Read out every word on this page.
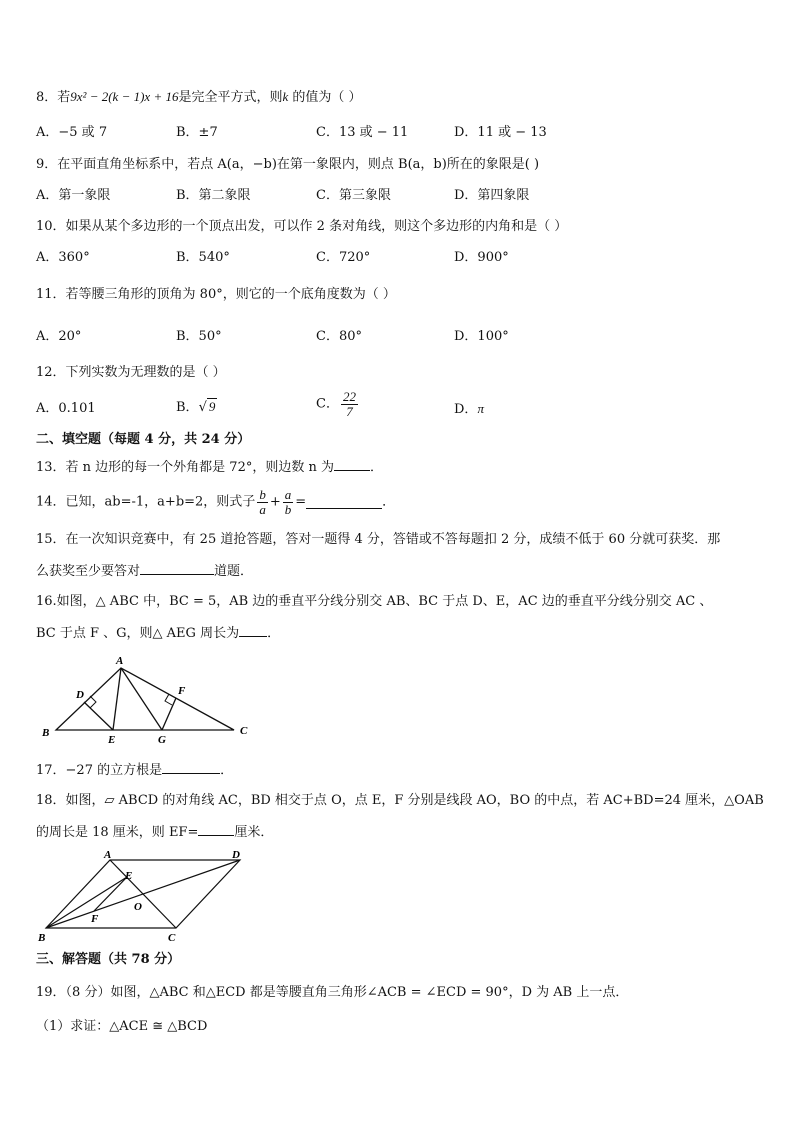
8．若9x² − 2(k − 1)x + 16是完全平方式，则k 的值为（ ）
A．−5 或 7	B．±7	C．13 或 − 11	D．11 或 − 13
9．在平面直角坐标系中，若点 A(a，−b)在第一象限内，则点 B(a，b)所在的象限是( )
A．第一象限	B．第二象限	C．第三象限	D．第四象限
10．如果从某个多边形的一个顶点出发，可以作 2 条对角线，则这个多边形的内角和是（ ）
A．360°	B．540°	C．720°	D．900°
11．若等腰三角形的顶角为 80°，则它的一个底角度数为（ ）
A．20°	B．50°	C．80°	D．100°
12．下列实数为无理数的是（ ）
A．0.101	B．√ 9	C． $\frac{22}{7}$	D．π
二、填空题（每题 4 分，共 24 分）
13．若 n 边形的每一个外角都是 72°，则边数 n 为	．
14．已知，ab=-1，a+b=2，则式子 $\frac{b}{a} + \frac{a}{b}$ =	．
15．在一次知识竞赛中，有 25 道抢答题，答对一题得 4 分，答错或不答每题扣 2 分，成绩不低于 60 分就可获奖．那
么获奖至少要答对	道题．
16.如图，△ ABC 中，BC = 5，AB 边的垂直平分线分别交 AB、BC 于点 D、E，AC 边的垂直平分线分别交 AC 、
BC 于点 F 、G，则△ AEG 周长为 ．
A
B	C
D
E
F
G
17．−27 的立方根是	．
18．如图，▱ ABCD 的对角线 AC，BD 相交于点 O，点 E，F 分别是线段 AO，BO 的中点，若 AC+BD=24 厘米，△OAB
的周长是 18 厘米，则 EF=	厘米．
A
B	C
D
E
F
O
三、解答题（共 78 分）
19．（8 分）如图，△ABC 和△ECD 都是等腰直角三角形∠ACB = ∠ECD = 90°，D 为 AB 上一点．
（1）求证：△ACE ≅ △BCD
